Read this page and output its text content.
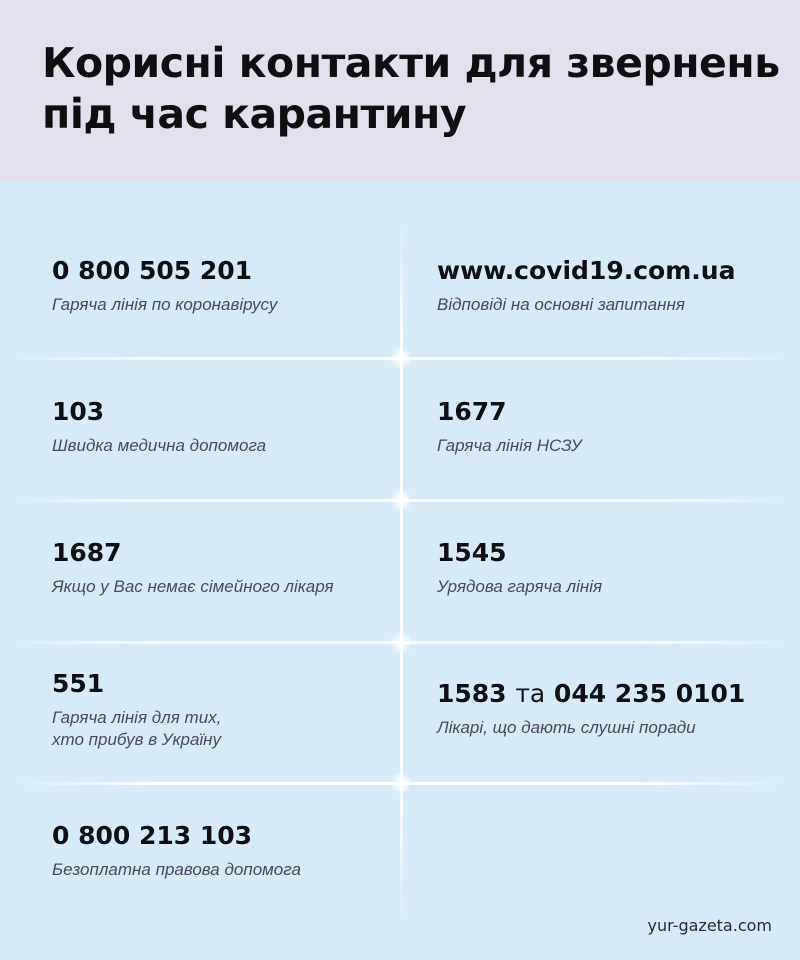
Корисні контакти для звернень
під час карантину
0 800 505 201
Гаряча лінія по коронавірусу
www.covid19.com.ua
Відповіді на основні запитання
103
Швидка медична допомога
1677
Гаряча лінія НСЗУ
1687
Якщо у Вас немає сімейного лікаря
1545
Урядова гаряча лінія
551
Гаряча лінія для тих,
хто прибув в Україну
1583 та 044 235 0101
Лікарі, що дають слушні поради
0 800 213 103
Безоплатна правова допомога
yur-gazeta.com
